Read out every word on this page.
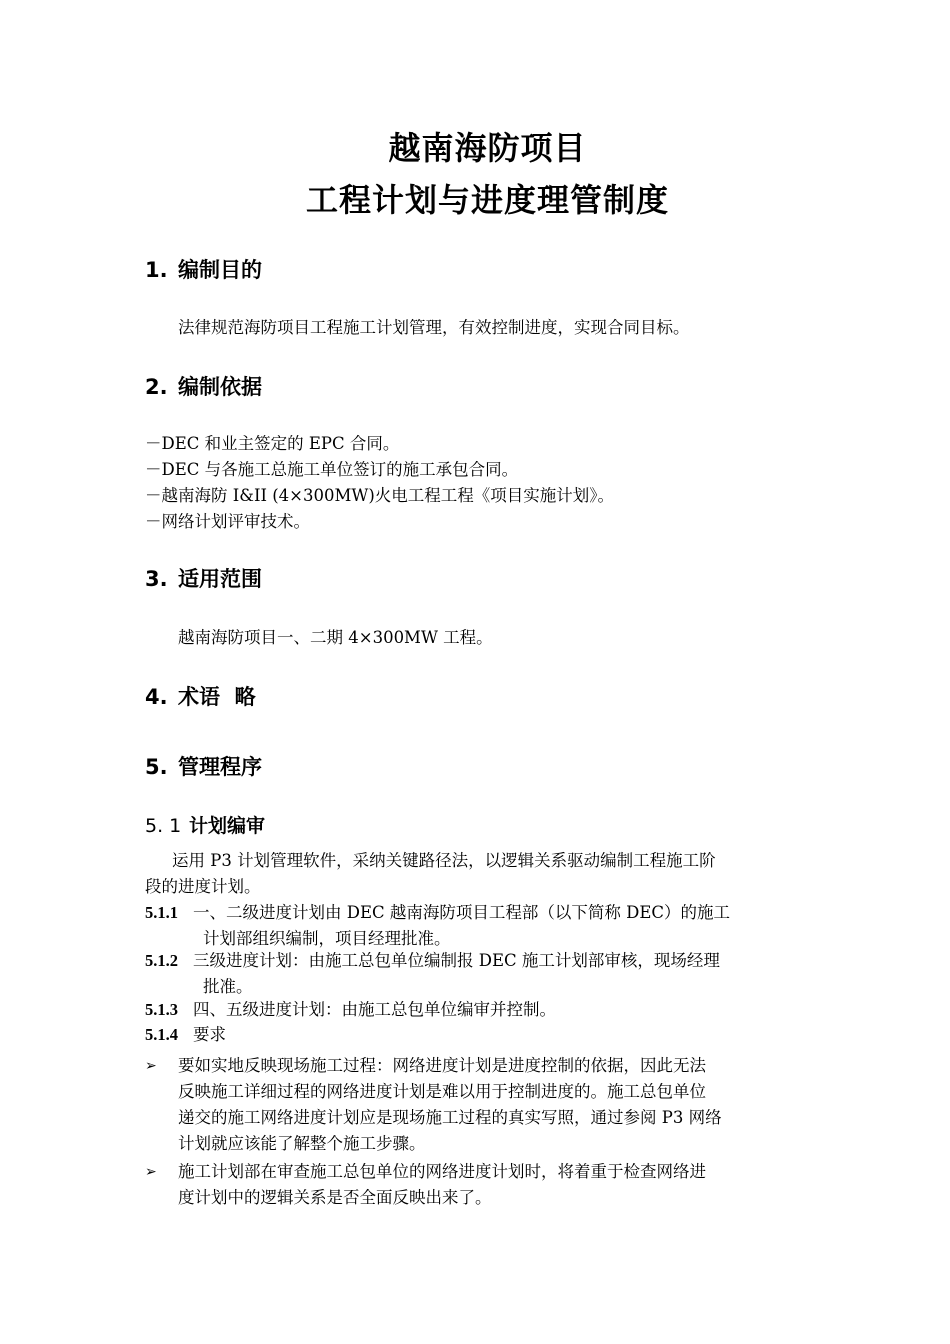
越南海防项目
工程计划与进度理管制度
1. 编制目的
法律规范海防项目工程施工计划管理，有效控制进度，实现合同目标。
2. 编制依据
－DEC 和业主签定的 EPC 合同。
－DEC 与各施工总施工单位签订的施工承包合同。
－越南海防 I&II (4×300MW)火电工程工程《项目实施计划》。
－网络计划评审技术。
3. 适用范围
越南海防项目一、二期 4×300MW 工程。
4. 术语  略
5. 管理程序
5. 1 计划编审
运用 P3 计划管理软件，采纳关键路径法，以逻辑关系驱动编制工程施工阶
段的进度计划。
5.1.1 一、二级进度计划由 DEC 越南海防项目工程部（以下简称 DEC）的施工
计划部组织编制，项目经理批准。
5.1.2 三级进度计划：由施工总包单位编制报 DEC 施工计划部审核，现场经理
批准。
5.1.3 四、五级进度计划：由施工总包单位编审并控制。
5.1.4 要求
➢	要如实地反映现场施工过程：网络进度计划是进度控制的依据，因此无法
反映施工详细过程的网络进度计划是难以用于控制进度的。施工总包单位
递交的施工网络进度计划应是现场施工过程的真实写照，通过参阅 P3 网络
计划就应该能了解整个施工步骤。
➢	施工计划部在审查施工总包单位的网络进度计划时，将着重于检查网络进
度计划中的逻辑关系是否全面反映出来了。
